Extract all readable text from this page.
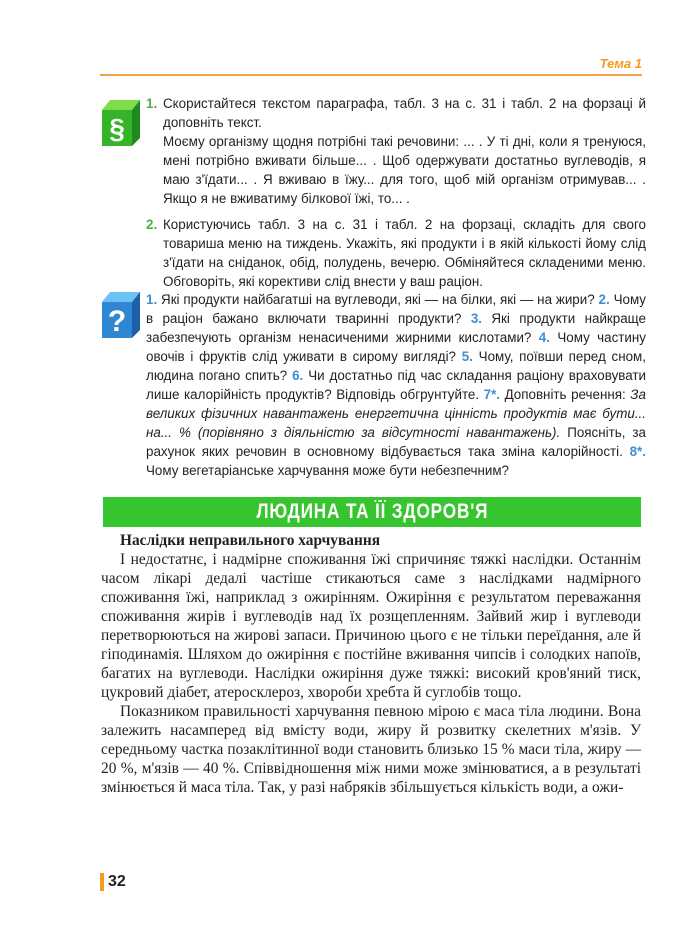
Тема 1
§
?
1. Скористайтеся текстом параграфа, табл. 3 на с. 31 і табл. 2 на форзаці й доповніть текст.

Моєму організму щодня потрібні такі речовини: ... . У ті дні, коли я тренуюся, мені потрібно вживати більше... . Щоб одержувати достатньо вуглеводів, я маю з'їдати... . Я вживаю в їжу... для того, щоб мій організм отримував... . Якщо я не вживатиму білкової їжі, то... .

2. Користуючись табл. 3 на с. 31 і табл. 2 на форзаці, складіть для свого товариша меню на тиждень. Укажіть, які продукти і в якій кількості йому слід з'їдати на сніданок, обід, полудень, вечерю. Обміняйтеся складеними меню. Обговоріть, які корективи слід внести у ваш раціон.

1. Які продукти найбагатші на вуглеводи, які — на білки, які — на жири? 2. Чому в раціон бажано включати тваринні продукти? 3. Які продукти найкраще забезпечують організм ненасиченими жирними кислотами? 4. Чому частину овочів і фруктів слід уживати в сирому вигляді? 5. Чому, поївши перед сном, людина погано спить? 6. Чи достатньо під час складання раціону враховувати лише калорійність продуктів? Відповідь обгрунтуйте. 7*. Доповніть речення: За великих фізичних навантажень енергетична цінність продуктів має бути... на... % (порівняно з діяльністю за відсутності навантажень). Поясніть, за рахунок яких речовин в основному відбувається така зміна калорійності. 8*. Чому вегетаріанське харчування може бути небезпечним?
ЛЮДИНА ТА ЇЇ ЗДОРОВ'Я
Наслідки неправильного харчування

І недостатнє, і надмірне споживання їжі спричиняє тяжкі наслідки. Останнім часом лікарі дедалі частіше стикаються саме з наслідками надмірного споживання їжі, наприклад з ожирінням. Ожиріння є результатом переважання споживання жирів і вуглеводів над їх розщепленням. Зайвий жир і вуглеводи перетворюються на жирові запаси. Причиною цього є не тільки переїдання, але й гіподинамія. Шляхом до ожиріння є постійне вживання чипсів і солодких напоїв, багатих на вуглеводи. Наслідки ожиріння дуже тяжкі: високий кров'яний тиск, цукровий діабет, атеросклероз, хвороби хребта й суглобів тощо.

Показником правильності харчування певною мірою є маса тіла людини. Вона залежить насамперед від вмісту води, жиру й розвитку скелетних м'язів. У середньому частка позаклітинної води становить близько 15 % маси тіла, жиру — 20 %, м'язів — 40 %. Співвідношення між ними може змінюватися, а в результаті змінюється й маса тіла. Так, у разі набряків збільшується кількість води, а ожи-

32
